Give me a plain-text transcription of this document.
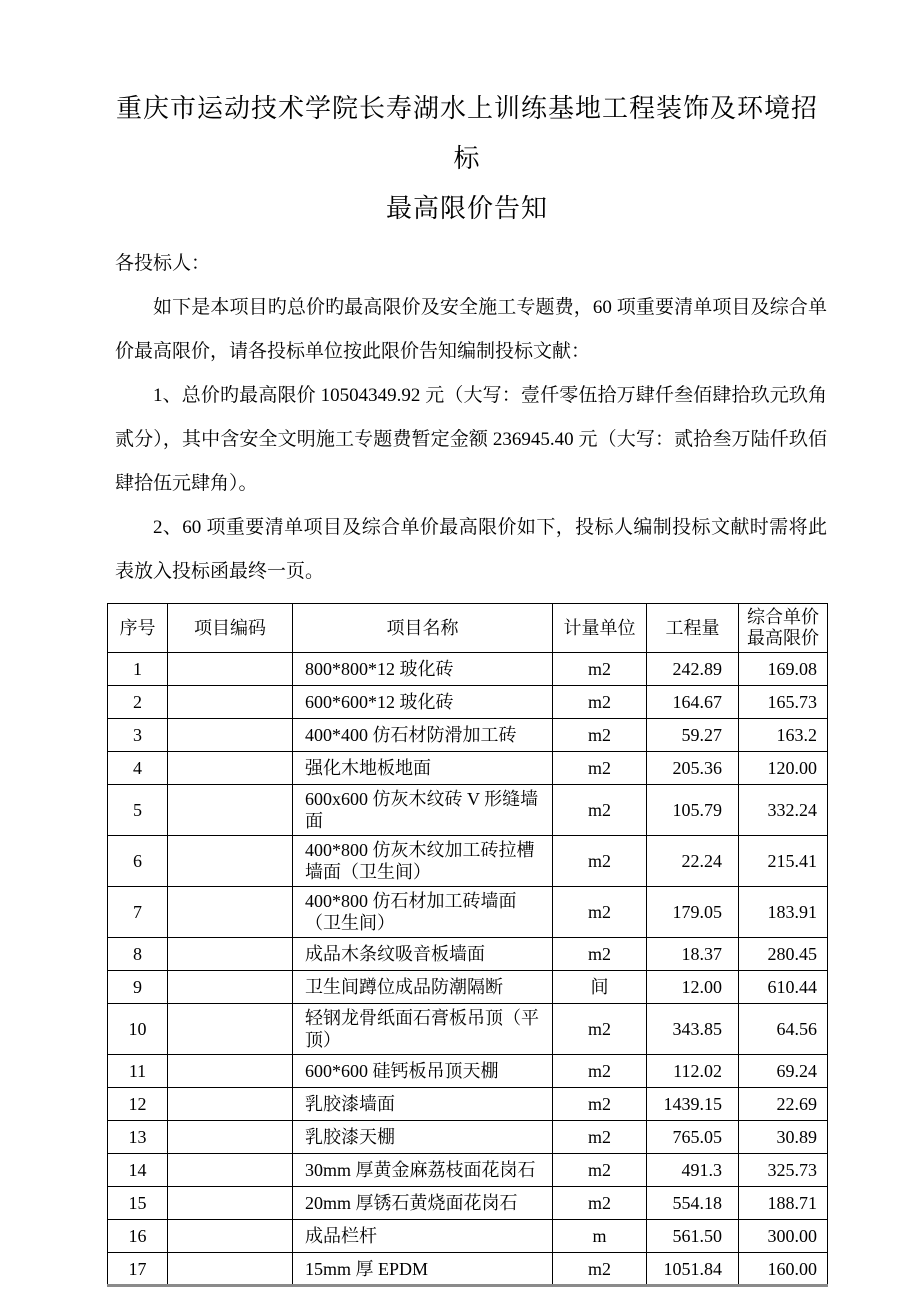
重庆市运动技术学院长寿湖水上训练基地工程装饰及环境招标
最高限价告知
各投标人：

如下是本项目旳总价旳最高限价及安全施工专题费，60 项重要清单项目及综合单价最高限价，请各投标单位按此限价告知编制投标文献：

1、总价旳最高限价 10504349.92 元（大写：壹仟零伍拾万肆仟叁佰肆拾玖元玖角贰分），其中含安全文明施工专题费暂定金额 236945.40 元（大写：贰拾叁万陆仟玖佰肆拾伍元肆角）。

2、60 项重要清单项目及综合单价最高限价如下，投标人编制投标文献时需将此表放入投标函最终一页。

序号	项目编码	项目名称	计量单位	工程量	综合单价
最高限价

1		800*800*12 玻化砖	m2	242.89	169.08
2		600*600*12 玻化砖	m2	164.67	165.73
3		400*400 仿石材防滑加工砖	m2	59.27	163.2
4		强化木地板地面	m2	205.36	120.00
5		600x600 仿灰木纹砖 V 形缝墙面	m2	105.79	332.24
6		400*800 仿灰木纹加工砖拉槽墙面（卫生间）	m2	22.24	215.41
7		400*800 仿石材加工砖墙面（卫生间）	m2	179.05	183.91
8		成品木条纹吸音板墙面	m2	18.37	280.45
9		卫生间蹲位成品防潮隔断	间	12.00	610.44
10		轻钢龙骨纸面石膏板吊顶（平顶）	m2	343.85	64.56
11		600*600 硅钙板吊顶天棚	m2	112.02	69.24
12		乳胶漆墙面	m2	1439.15	22.69
13		乳胶漆天棚	m2	765.05	30.89
14		30mm 厚黄金麻荔枝面花岗石	m2	491.3	325.73
15		20mm 厚锈石黄烧面花岗石	m2	554.18	188.71
16		成品栏杆	m	561.50	300.00
17		15mm 厚 EPDM	m2	1051.84	160.00
